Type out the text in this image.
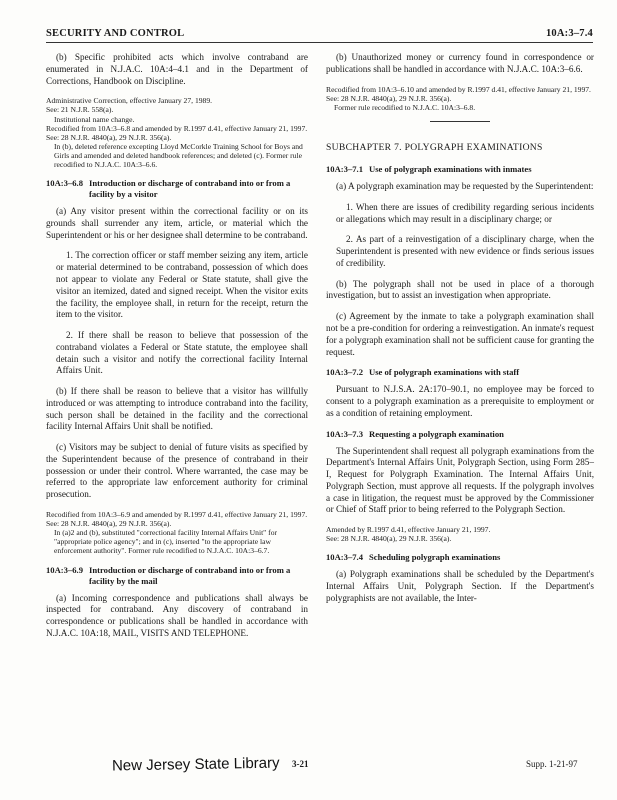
SECURITY AND CONTROL	10A:3–7.4

(b) Specific prohibited acts which involve contraband are enumerated in N.J.A.C. 10A:4–4.1 and in the Department of Corrections, Handbook on Discipline.

Administrative Correction, effective January 27, 1989.
See: 21 N.J.R. 558(a).
Institutional name change.
Recodified from 10A:3–6.8 and amended by R.1997 d.41, effective January 21, 1997.
See: 28 N.J.R. 4840(a), 29 N.J.R. 356(a).
In (b), deleted reference excepting Lloyd McCorkle Training School for Boys and Girls and amended and deleted handbook references; and deleted (c). Former rule recodified to N.J.A.C. 10A:3–6.6.
10A:3–6.8 Introduction or discharge of contraband into or from a facility by a visitor

(a) Any visitor present within the correctional facility or on its grounds shall surrender any item, article, or material which the Superintendent or his or her designee shall determine to be contraband.

1. The correction officer or staff member seizing any item, article or material determined to be contraband, possession of which does not appear to violate any Federal or State statute, shall give the visitor an itemized, dated and signed receipt. When the visitor exits the facility, the employee shall, in return for the receipt, return the item to the visitor.

2. If there shall be reason to believe that possession of the contraband violates a Federal or State statute, the employee shall detain such a visitor and notify the correctional facility Internal Affairs Unit.

(b) If there shall be reason to believe that a visitor has willfully introduced or was attempting to introduce contraband into the facility, such person shall be detained in the facility and the correctional facility Internal Affairs Unit shall be notified.

(c) Visitors may be subject to denial of future visits as specified by the Superintendent because of the presence of contraband in their possession or under their control. Where warranted, the case may be referred to the appropriate law enforcement authority for criminal prosecution.

Recodified from 10A:3–6.9 and amended by R.1997 d.41, effective January 21, 1997.
See: 28 N.J.R. 4840(a), 29 N.J.R. 356(a).
In (a)2 and (b), substituted "correctional facility Internal Affairs Unit" for "appropriate police agency"; and in (c), inserted "to the appropriate law enforcement authority". Former rule recodified to N.J.A.C. 10A:3–6.7.
10A:3–6.9 Introduction or discharge of contraband into or from a facility by the mail

(a) Incoming correspondence and publications shall always be inspected for contraband. Any discovery of contraband in correspondence or publications shall be handled in accordance with N.J.A.C. 10A:18, MAIL, VISITS AND TELEPHONE.

(b) Unauthorized money or currency found in correspondence or publications shall be handled in accordance with N.J.A.C. 10A:3–6.6.

Recodified from 10A:3–6.10 and amended by R.1997 d.41, effective January 21, 1997.
See: 28 N.J.R. 4840(a), 29 N.J.R. 356(a).
Former rule recodified to N.J.A.C. 10A:3–6.8.
SUBCHAPTER 7. POLYGRAPH EXAMINATIONS
10A:3–7.1 Use of polygraph examinations with inmates

(a) A polygraph examination may be requested by the Superintendent:

1. When there are issues of credibility regarding serious incidents or allegations which may result in a disciplinary charge; or

2. As part of a reinvestigation of a disciplinary charge, when the Superintendent is presented with new evidence or finds serious issues of credibility.

(b) The polygraph shall not be used in place of a thorough investigation, but to assist an investigation when appropriate.

(c) Agreement by the inmate to take a polygraph examination shall not be a pre-condition for ordering a reinvestigation. An inmate's request for a polygraph examination shall not be sufficient cause for granting the request.

10A:3–7.2 Use of polygraph examinations with staff

Pursuant to N.J.S.A. 2A:170–90.1, no employee may be forced to consent to a polygraph examination as a prerequisite to employment or as a condition of retaining employment.

10A:3–7.3 Requesting a polygraph examination

The Superintendent shall request all polygraph examinations from the Department's Internal Affairs Unit, Polygraph Section, using Form 285–I, Request for Polygraph Examination. The Internal Affairs Unit, Polygraph Section, must approve all requests. If the polygraph involves a case in litigation, the request must be approved by the Commissioner or Chief of Staff prior to being referred to the Polygraph Section.

Amended by R.1997 d.41, effective January 21, 1997.
See: 28 N.J.R. 4840(a), 29 N.J.R. 356(a).
10A:3–7.4 Scheduling polygraph examinations

(a) Polygraph examinations shall be scheduled by the Department's Internal Affairs Unit, Polygraph Section. If the Department's polygraphists are not available, the Inter-

New Jersey State Library 3-21	Supp. 1-21-97
